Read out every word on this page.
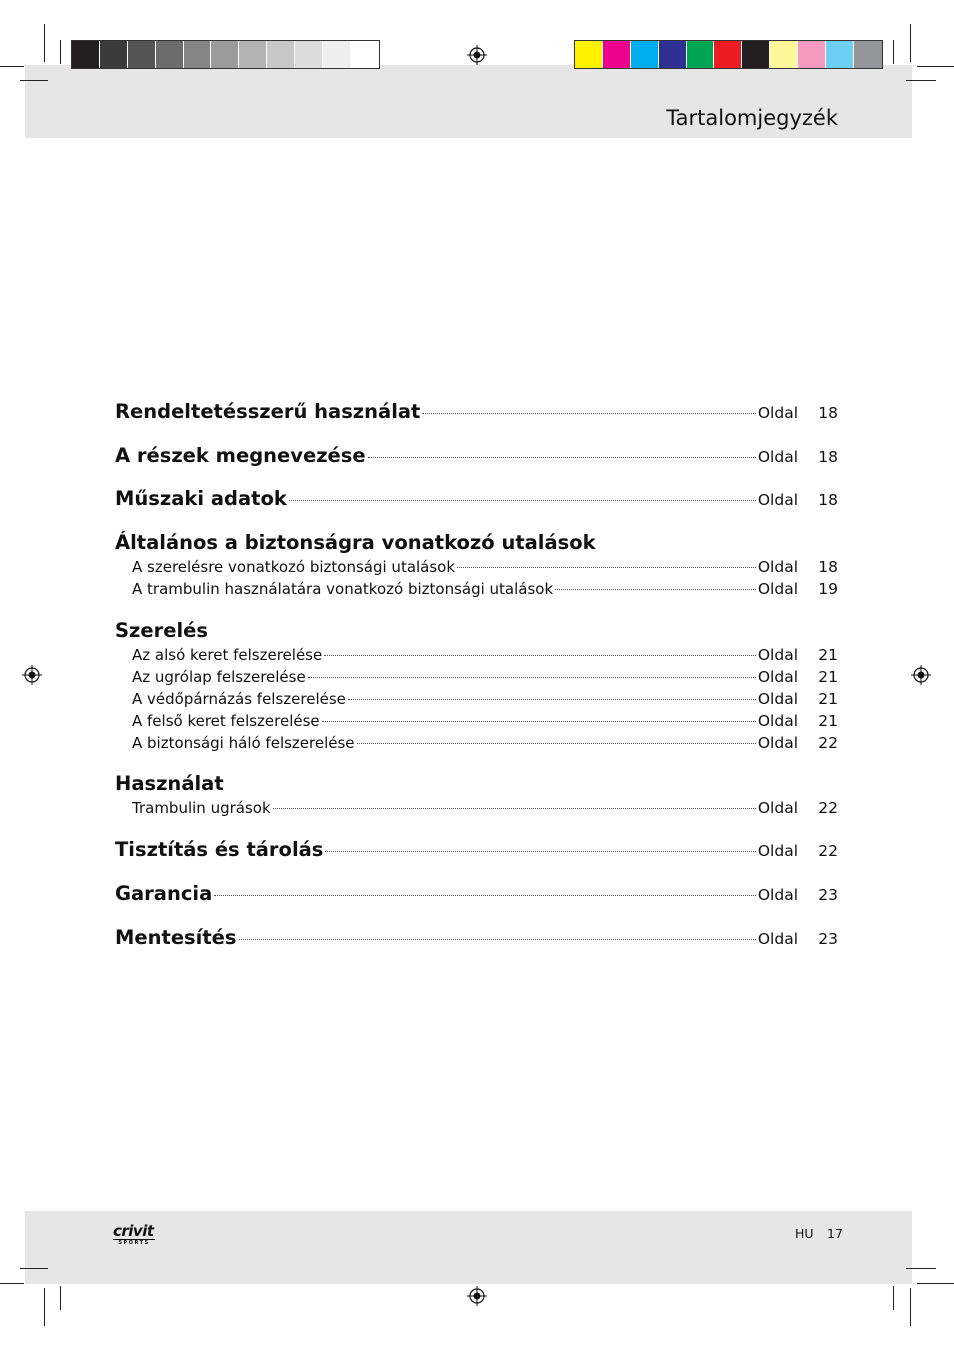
Tartalomjegyzék
Rendeltetésszerű használat	Oldal	18
A részek megnevezése	Oldal	18
Műszaki adatok	Oldal	18
Általános a biztonságra vonatkozó utalások
A szerelésre vonatkozó biztonsági utalások	Oldal	18
A trambulin használatára vonatkozó biztonsági utalások	Oldal	19
Szerelés
Az alsó keret felszerelése	Oldal	21
Az ugrólap felszerelése	Oldal	21
A védőpárnázás felszerelése	Oldal	21
A felső keret felszerelése	Oldal	21
A biztonsági háló felszerelése	Oldal	22
Használat
Trambulin ugrások	Oldal	22
Tisztítás és tárolás	Oldal	22
Garancia	Oldal	23
Mentesítés	Oldal	23
crivit
SPORTS
HU 17
